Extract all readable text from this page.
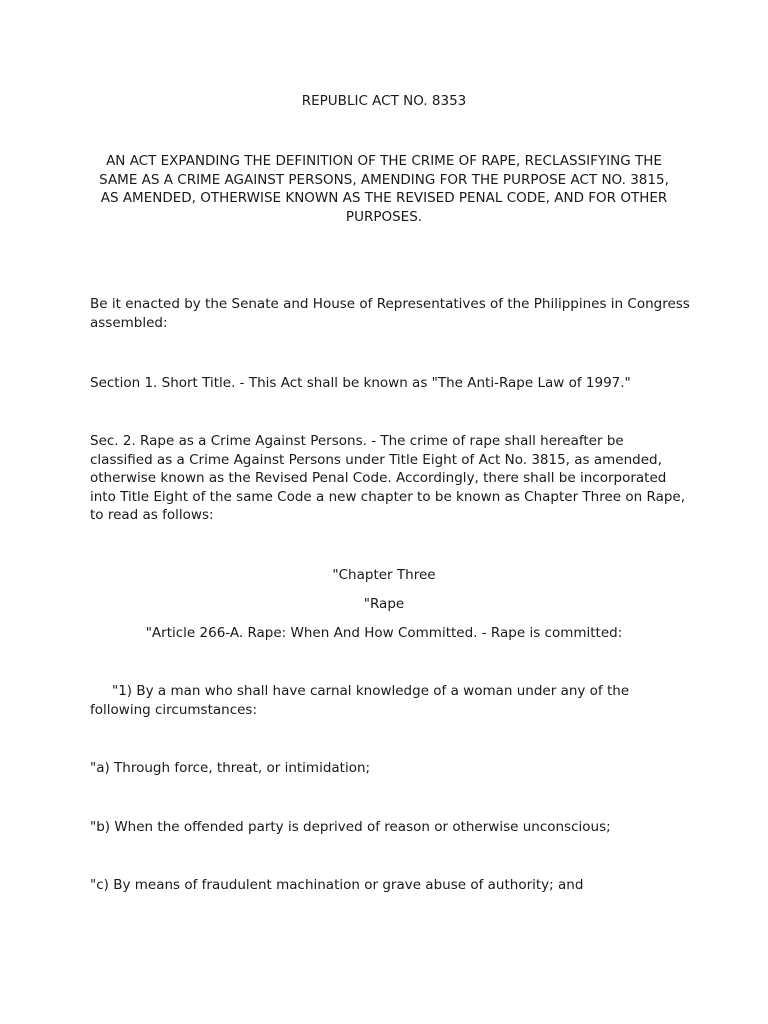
REPUBLIC ACT NO. 8353

AN ACT EXPANDING THE DEFINITION OF THE CRIME OF RAPE, RECLASSIFYING THE SAME AS A CRIME AGAINST PERSONS, AMENDING FOR THE PURPOSE ACT NO. 3815, AS AMENDED, OTHERWISE KNOWN AS THE REVISED PENAL CODE, AND FOR OTHER PURPOSES.

Be it enacted by the Senate and House of Representatives of the Philippines in Congress assembled:

Section 1. Short Title. - This Act shall be known as "The Anti-Rape Law of 1997."

Sec. 2. Rape as a Crime Against Persons. - The crime of rape shall hereafter be classified as a Crime Against Persons under Title Eight of Act No. 3815, as amended, otherwise known as the Revised Penal Code. Accordingly, there shall be incorporated into Title Eight of the same Code a new chapter to be known as Chapter Three on Rape, to read as follows:

"Chapter Three

"Rape

"Article 266-A. Rape: When And How Committed. - Rape is committed:

"1) By a man who shall have carnal knowledge of a woman under any of the following circumstances:

"a) Through force, threat, or intimidation;

"b) When the offended party is deprived of reason or otherwise unconscious;

"c) By means of fraudulent machination or grave abuse of authority; and
